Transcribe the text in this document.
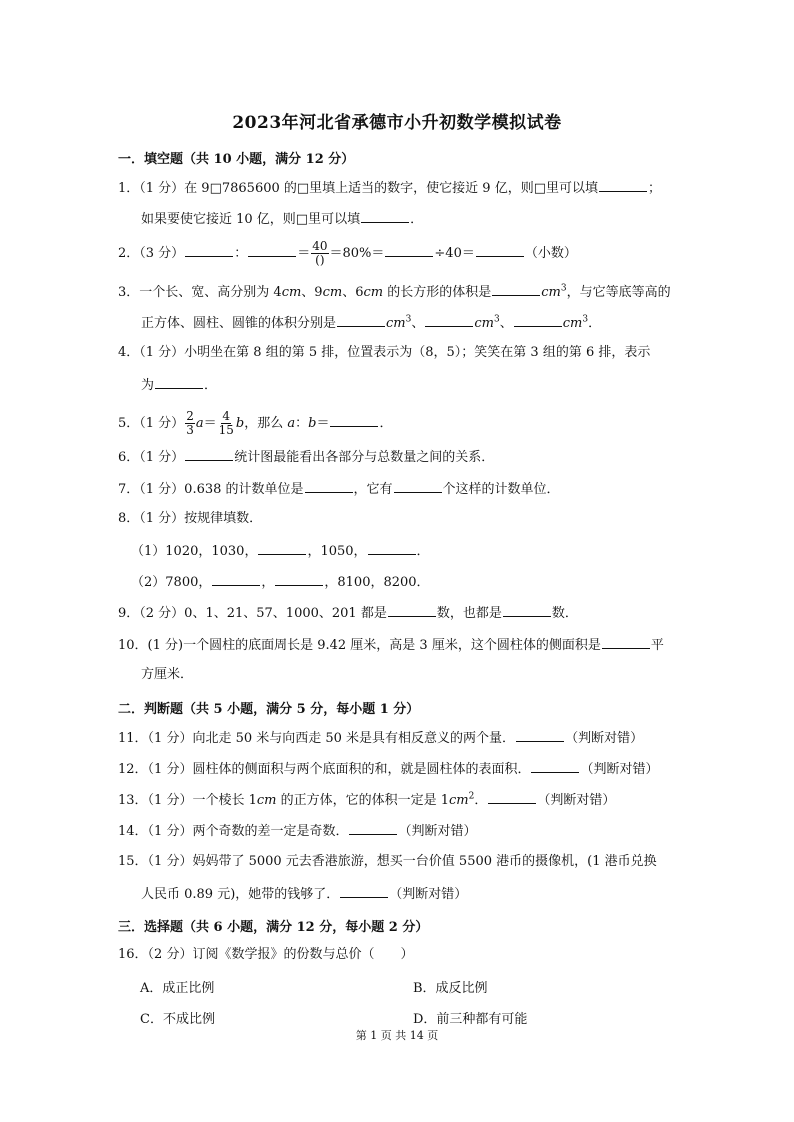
2023年河北省承德市小升初数学模拟试卷
一．填空题（共 10 小题，满分 12 分）
1．（1 分）在 9□7865600 的□里填上适当的数字，使它接近 9 亿，则□里可以填	；
如果要使它接近 10 亿，则□里可以填	．
2．（3 分）	：	＝ $\frac{40}{()} =80\%=$	÷40＝	（小数）
3．一个长、宽、高分别为 4cm、9cm、6cm 的长方形的体积是	$cm^3$，与它等底等高的
正方体、圆柱、圆锥的体积分别是	$cm^3$、	$cm^3$、	$cm^3$．
4．（1 分）小明坐在第 8 组的第 5 排，位置表示为（8，5）；笑笑在第 3 组的第 6 排，表示
为	．
5．（1 分） $\frac{2}{3} a= \frac{4}{15}$ b，那么 a：b＝	．
6．（1 分）	统计图最能看出各部分与总数量之间的关系．
7．（1 分）0.638 的计数单位是	，它有	个这样的计数单位．
8．（1 分）按规律填数．
（1）1020，1030，	，1050，	．
（2）7800，	，	，8100，8200．
9．（2 分）0、1、21、57、1000、201 都是	数，也都是	数．
10．(1 分)一个圆柱的底面周长是 9.42 厘米，高是 3 厘米，这个圆柱体的侧面积是	平
方厘米．
二．判断题（共 5 小题，满分 5 分，每小题 1 分）
11．（1 分）向北走 50 米与向西走 50 米是具有相反意义的两个量．	（判断对错）
12．（1 分）圆柱体的侧面积与两个底面积的和，就是圆柱体的表面积．	（判断对错）
13．（1 分）一个棱长 1cm 的正方体，它的体积一定是 $1cm^2$．	（判断对错）
14．（1 分）两个奇数的差一定是奇数．	（判断对错）
15．（1 分）妈妈带了 5000 元去香港旅游，想买一台价值 5500 港币的摄像机，(1 港币兑换
人民币 0.89 元)，她带的钱够了．	（判断对错）
三．选择题（共 6 小题，满分 12 分，每小题 2 分）
16．（2 分）订阅《数学报》的份数与总价（　　）
A．成正比例	B．成反比例
C．不成比例	D．前三种都有可能
第 1 页 共 14 页
